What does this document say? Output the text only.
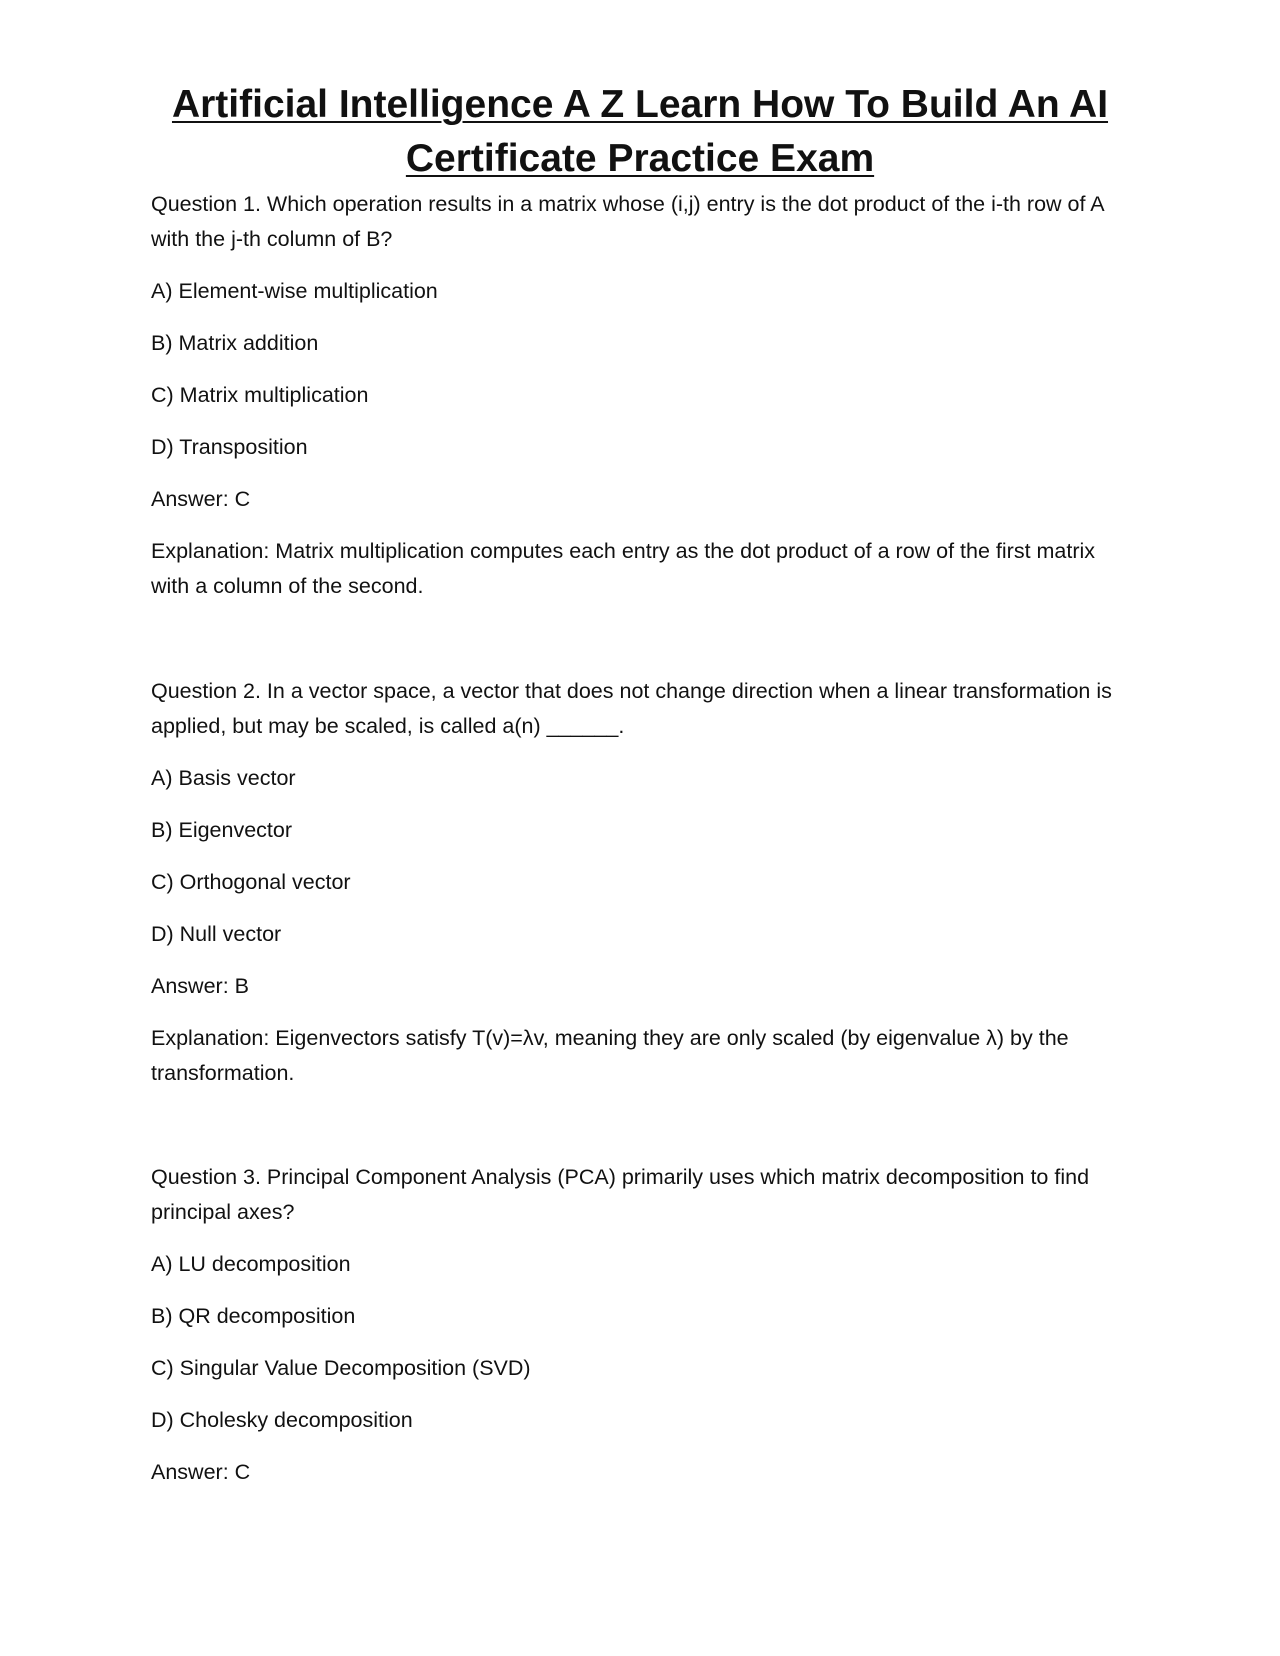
Artificial Intelligence A Z Learn How To Build An AI
Certificate Practice Exam

Question 1. Which operation results in a matrix whose (i,j) entry is the dot product of the i-th row of A with the j-th column of B?

A) Element-wise multiplication

B) Matrix addition

C) Matrix multiplication

D) Transposition

Answer: C

Explanation: Matrix multiplication computes each entry as the dot product of a row of the first matrix with a column of the second.

Question 2. In a vector space, a vector that does not change direction when a linear transformation is applied, but may be scaled, is called a(n) ______.

A) Basis vector

B) Eigenvector

C) Orthogonal vector

D) Null vector

Answer: B

Explanation: Eigenvectors satisfy T(v)=λv, meaning they are only scaled (by eigenvalue λ) by the transformation.

Question 3. Principal Component Analysis (PCA) primarily uses which matrix decomposition to find principal axes?

A) LU decomposition

B) QR decomposition

C) Singular Value Decomposition (SVD)

D) Cholesky decomposition

Answer: C
